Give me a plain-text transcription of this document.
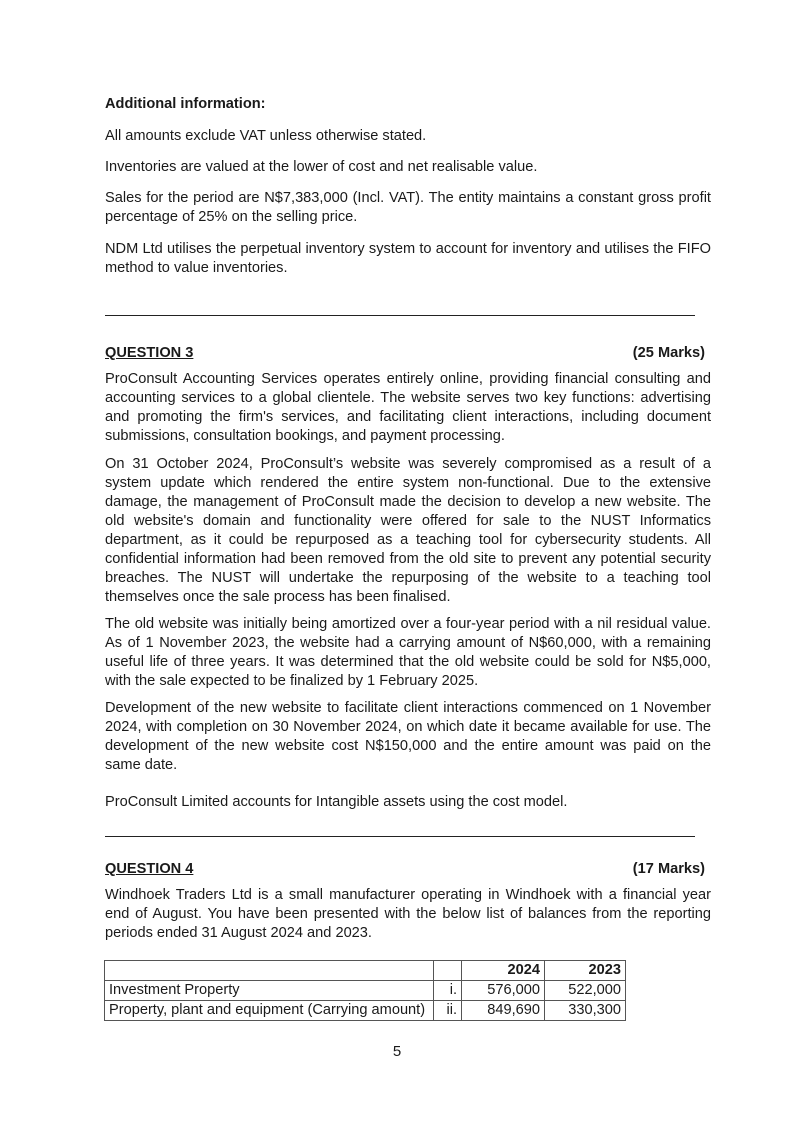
Additional information:

All amounts exclude VAT unless otherwise stated.

Inventories are valued at the lower of cost and net realisable value.

Sales for the period are N$7,383,000 (Incl. VAT). The entity maintains a constant gross profit percentage of 25% on the selling price.

NDM Ltd utilises the perpetual inventory system to account for inventory and utilises the FIFO method to value inventories.

QUESTION 3	(25 Marks)

ProConsult Accounting Services operates entirely online, providing financial consulting and accounting services to a global clientele. The website serves two key functions: advertising and promoting the firm's services, and facilitating client interactions, including document submissions, consultation bookings, and payment processing.

On 31 October 2024, ProConsult’s website was severely compromised as a result of a system update which rendered the entire system non-functional. Due to the extensive damage, the management of ProConsult made the decision to develop a new website. The old website's domain and functionality were offered for sale to the NUST Informatics department, as it could be repurposed as a teaching tool for cybersecurity students. All confidential information had been removed from the old site to prevent any potential security breaches. The NUST will undertake the repurposing of the website to a teaching tool themselves once the sale process has been finalised.

The old website was initially being amortized over a four-year period with a nil residual value. As of 1 November 2023, the website had a carrying amount of N$60,000, with a remaining useful life of three years. It was determined that the old website could be sold for N$5,000, with the sale expected to be finalized by 1 February 2025.

Development of the new website to facilitate client interactions commenced on 1 November 2024, with completion on 30 November 2024, on which date it became available for use. The development of the new website cost N$150,000 and the entire amount was paid on the same date.

ProConsult Limited accounts for Intangible assets using the cost model.

QUESTION 4	(17 Marks)

Windhoek Traders Ltd is a small manufacturer operating in Windhoek with a financial year end of August. You have been presented with the below list of balances from the reporting periods ended 31 August 2024 and 2023.

		2024	2023
Investment Property	i.	576,000	522,000
Property, plant and equipment (Carrying amount)	ii.	849,690	330,300
5
